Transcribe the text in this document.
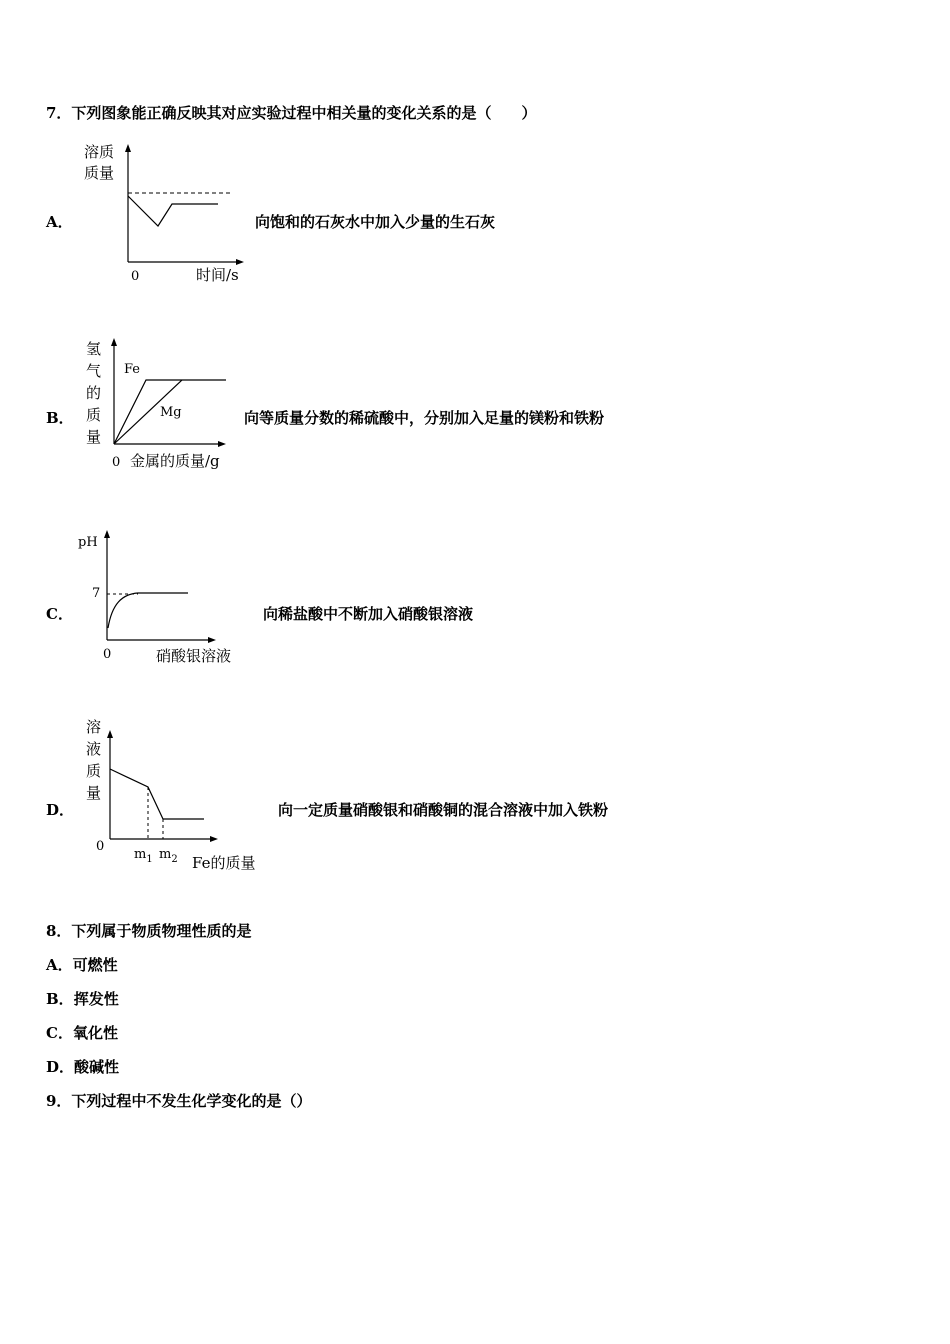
7．下列图象能正确反映其对应实验过程中相关量的变化关系的是（　　）
A．
溶质
质量
0	时间/s
向饱和的石灰水中加入少量的生石灰
B．
氢
气
的
质
量
Fe
Mg
0 金属的质量/g
向等质量分数的稀硫酸中，分别加入足量的镁粉和铁粉
C．
pH
7
0	硝酸银溶液
向稀盐酸中不断加入硝酸银溶液
D．
溶
液
质
量
0
$m_1$ $m_2$ Fe的质量
向一定质量硝酸银和硝酸铜的混合溶液中加入铁粉
8．下列属于物质物理性质的是
A．可燃性
B．挥发性
C．氧化性
D．酸碱性
9．下列过程中不发生化学变化的是（）
